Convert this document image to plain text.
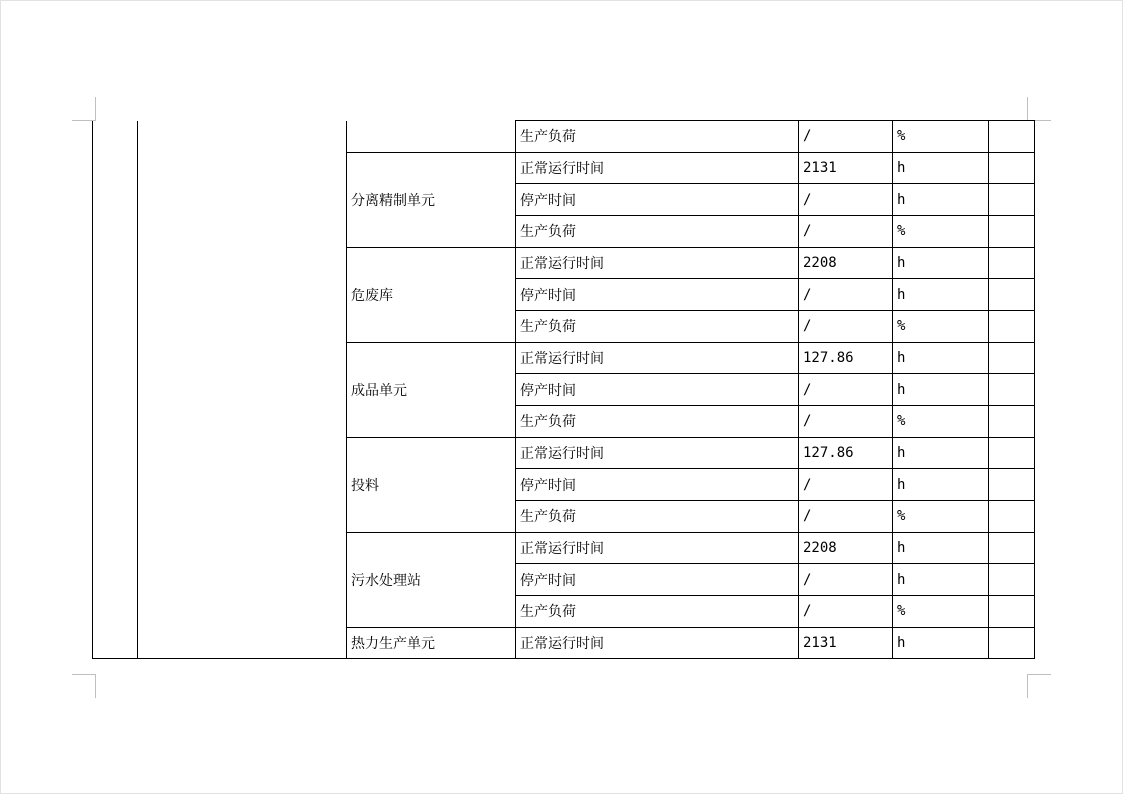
			生产负荷	/	%	
		分离精制单元	正常运行时间	2131	h	
			停产时间	/	h	
			生产负荷	/	%	
		危废库	正常运行时间	2208	h	
			停产时间	/	h	
			生产负荷	/	%	
		成品单元	正常运行时间	127.86	h	
			停产时间	/	h	
			生产负荷	/	%	
		投料	正常运行时间	127.86	h	
			停产时间	/	h	
			生产负荷	/	%	
		污水处理站	正常运行时间	2208	h	
			停产时间	/	h	
			生产负荷	/	%	
		热力生产单元	正常运行时间	2131	h	
